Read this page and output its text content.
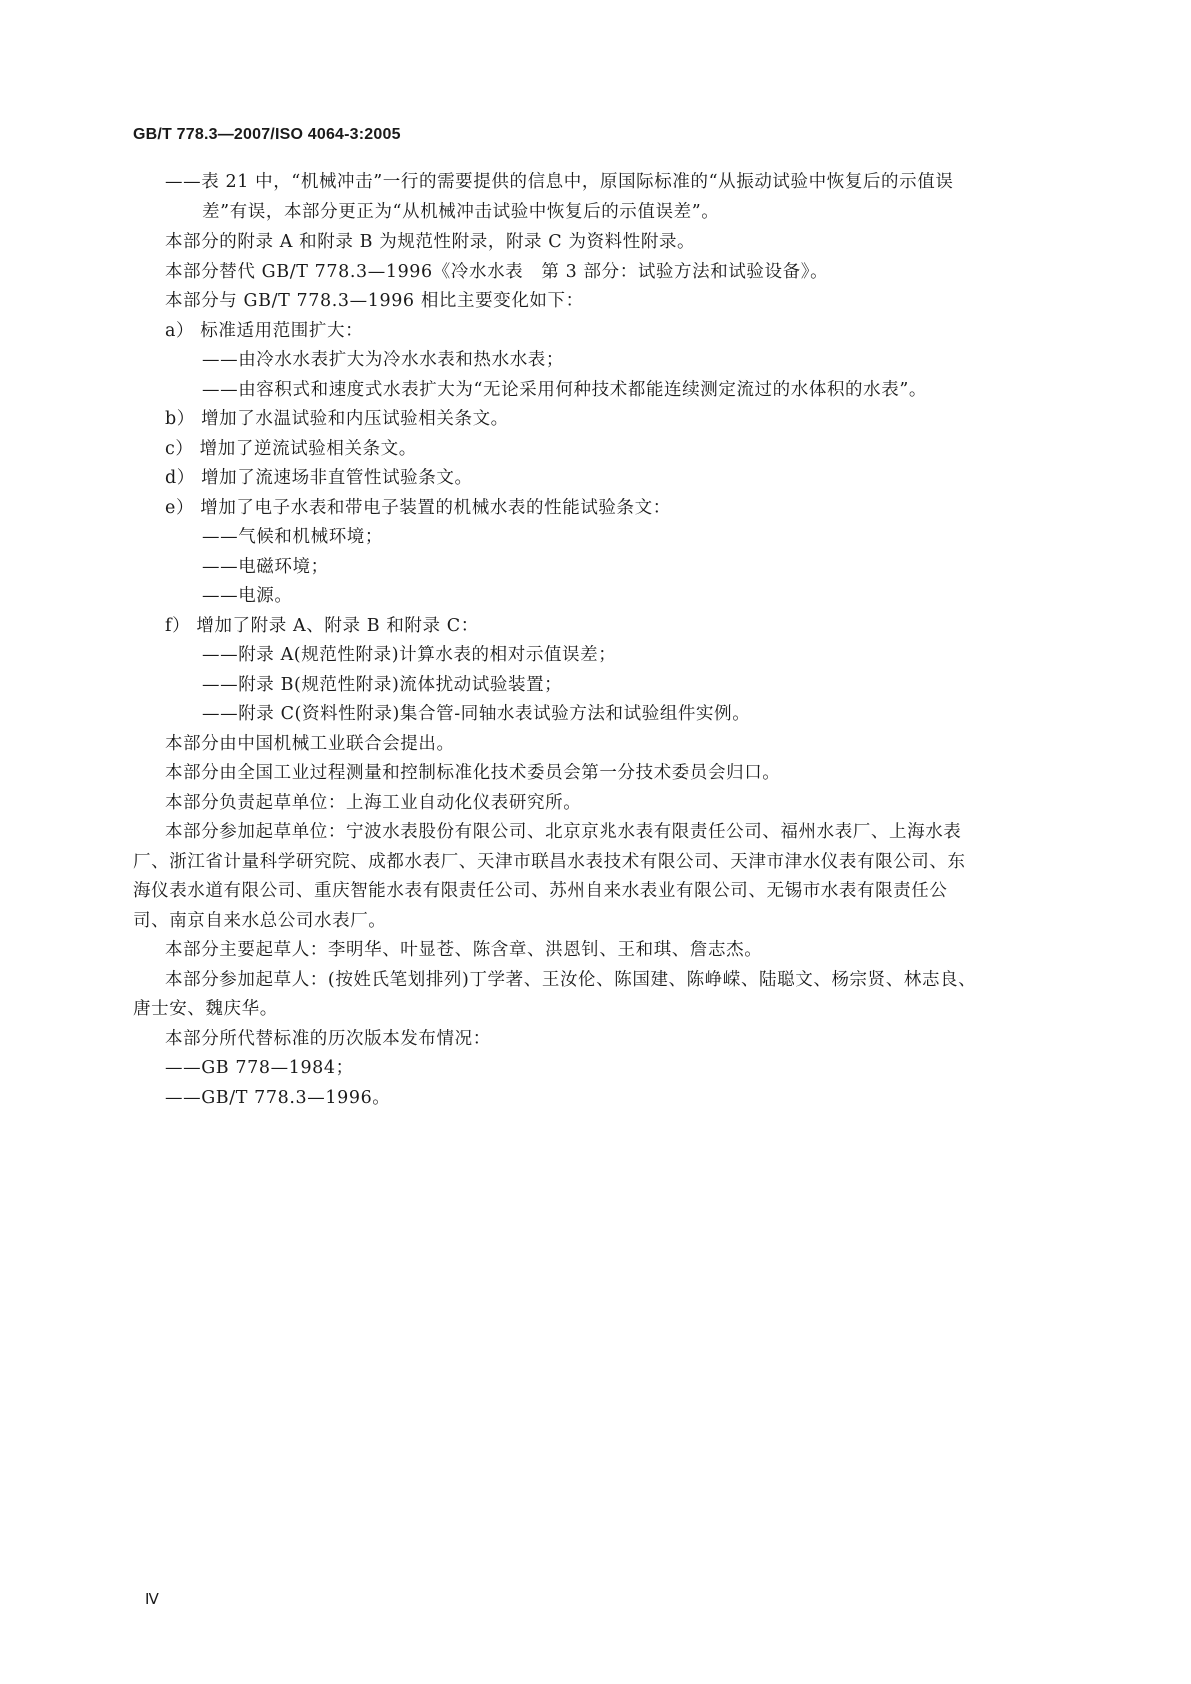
GB/T 778.3—2007/ISO 4064-3:2005
——表 21 中，“机械冲击”一行的需要提供的信息中，原国际标准的“从振动试验中恢复后的示值误
差”有误，本部分更正为“从机械冲击试验中恢复后的示值误差”。
本部分的附录 A 和附录 B 为规范性附录，附录 C 为资料性附录。
本部分替代 GB/T 778.3—1996《冷水水表　第 3 部分：试验方法和试验设备》。
本部分与 GB/T 778.3—1996 相比主要变化如下：
a） 标准适用范围扩大：
——由冷水水表扩大为冷水水表和热水水表；
——由容积式和速度式水表扩大为“无论采用何种技术都能连续测定流过的水体积的水表”。
b） 增加了水温试验和内压试验相关条文。
c） 增加了逆流试验相关条文。
d） 增加了流速场非直管性试验条文。
e） 增加了电子水表和带电子装置的机械水表的性能试验条文：
——气候和机械环境；
——电磁环境；
——电源。
f） 增加了附录 A、附录 B 和附录 C：
——附录 A(规范性附录)计算水表的相对示值误差；
——附录 B(规范性附录)流体扰动试验装置；
——附录 C(资料性附录)集合管-同轴水表试验方法和试验组件实例。
本部分由中国机械工业联合会提出。
本部分由全国工业过程测量和控制标准化技术委员会第一分技术委员会归口。
本部分负责起草单位：上海工业自动化仪表研究所。
本部分参加起草单位：宁波水表股份有限公司、北京京兆水表有限责任公司、福州水表厂、上海水表
厂、浙江省计量科学研究院、成都水表厂、天津市联昌水表技术有限公司、天津市津水仪表有限公司、东
海仪表水道有限公司、重庆智能水表有限责任公司、苏州自来水表业有限公司、无锡市水表有限责任公
司、南京自来水总公司水表厂。
本部分主要起草人：李明华、叶显苍、陈含章、洪恩钊、王和琪、詹志杰。
本部分参加起草人：(按姓氏笔划排列)丁学著、王汝伦、陈国建、陈峥嵘、陆聪文、杨宗贤、林志良、
唐士安、魏庆华。
本部分所代替标准的历次版本发布情况：
——GB 778—1984；
——GB/T 778.3—1996。
Ⅳ
